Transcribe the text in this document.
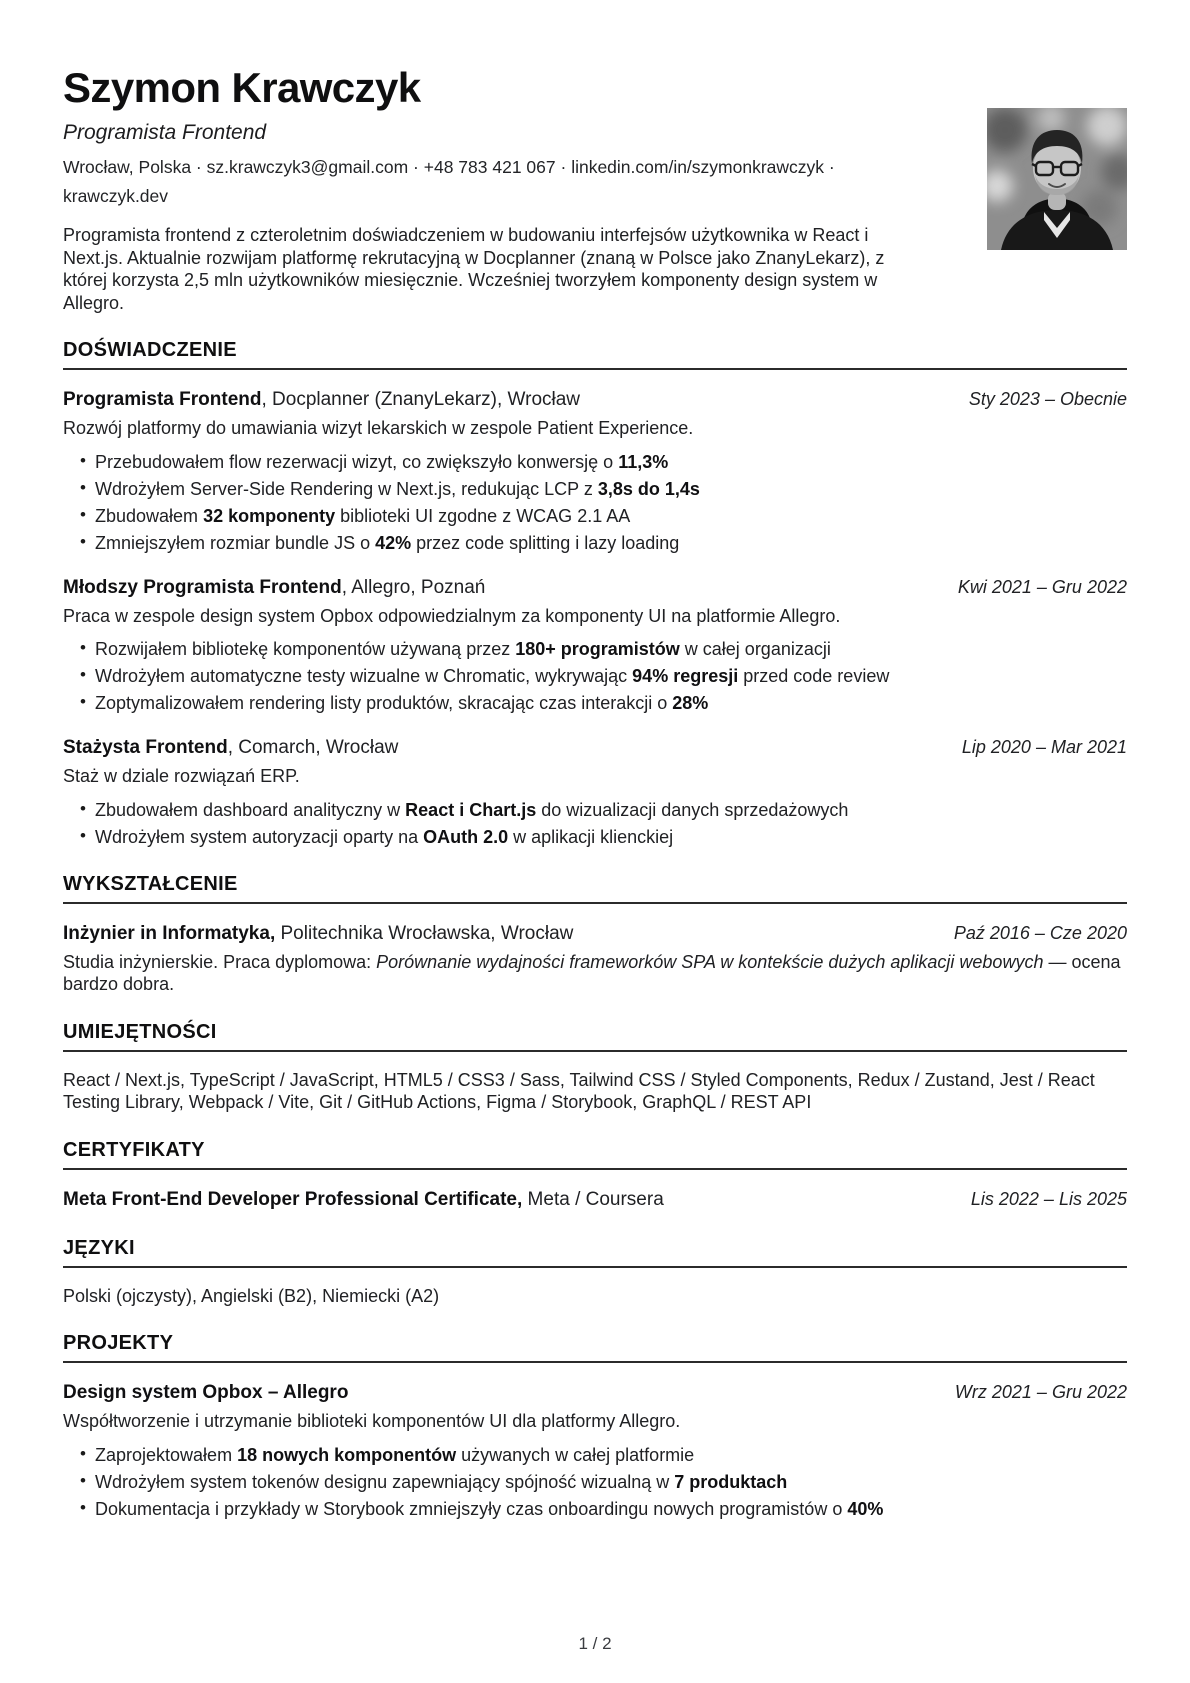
Szymon Krawczyk
Programista Frontend
Wrocław, Polska · sz.krawczyk3@gmail.com · +48 783 421 067 · linkedin.com/in/szymonkrawczyk · krawczyk.dev

Programista frontend z czteroletnim doświadczeniem w budowaniu interfejsów użytkownika w React i Next.js. Aktualnie rozwijam platformę rekrutacyjną w Docplanner (znaną w Polsce jako ZnanyLekarz), z której korzysta 2,5 mln użytkowników miesięcznie. Wcześniej tworzyłem komponenty design system w Allegro.

DOŚWIADCZENIE
Programista Frontend, Docplanner (ZnanyLekarz), Wrocław	Sty 2023 – Obecnie

Rozwój platformy do umawiania wizyt lekarskich w zespole Patient Experience.

• Przebudowałem flow rezerwacji wizyt, co zwiększyło konwersję o 11,3%
• Wdrożyłem Server-Side Rendering w Next.js, redukując LCP z 3,8s do 1,4s
• Zbudowałem 32 komponenty biblioteki UI zgodne z WCAG 2.1 AA
• Zmniejszyłem rozmiar bundle JS o 42% przez code splitting i lazy loading
Młodszy Programista Frontend, Allegro, Poznań	Kwi 2021 – Gru 2022

Praca w zespole design system Opbox odpowiedzialnym za komponenty UI na platformie Allegro.

• Rozwijałem bibliotekę komponentów używaną przez 180+ programistów w całej organizacji
• Wdrożyłem automatyczne testy wizualne w Chromatic, wykrywając 94% regresji przed code review
• Zoptymalizowałem rendering listy produktów, skracając czas interakcji o 28%
Stażysta Frontend, Comarch, Wrocław	Lip 2020 – Mar 2021

Staż w dziale rozwiązań ERP.

• Zbudowałem dashboard analityczny w React i Chart.js do wizualizacji danych sprzedażowych
• Wdrożyłem system autoryzacji oparty na OAuth 2.0 w aplikacji klienckiej
WYKSZTAŁCENIE
Inżynier in Informatyka, Politechnika Wrocławska, Wrocław	Paź 2016 – Cze 2020

Studia inżynierskie. Praca dyplomowa: Porównanie wydajności frameworków SPA w kontekście dużych aplikacji webowych — ocena bardzo dobra.

UMIEJĘTNOŚCI

React / Next.js, TypeScript / JavaScript, HTML5 / CSS3 / Sass, Tailwind CSS / Styled Components, Redux / Zustand, Jest / React Testing Library, Webpack / Vite, Git / GitHub Actions, Figma / Storybook, GraphQL / REST API

CERTYFIKATY
Meta Front-End Developer Professional Certificate, Meta / Coursera	Lis 2022 – Lis 2025
JĘZYKI

Polski (ojczysty), Angielski (B2), Niemiecki (A2)

PROJEKTY
Design system Opbox – Allegro	Wrz 2021 – Gru 2022

Współtworzenie i utrzymanie biblioteki komponentów UI dla platformy Allegro.

• Zaprojektowałem 18 nowych komponentów używanych w całej platformie
• Wdrożyłem system tokenów designu zapewniający spójność wizualną w 7 produktach
• Dokumentacja i przykłady w Storybook zmniejszyły czas onboardingu nowych programistów o 40%
1 / 2
